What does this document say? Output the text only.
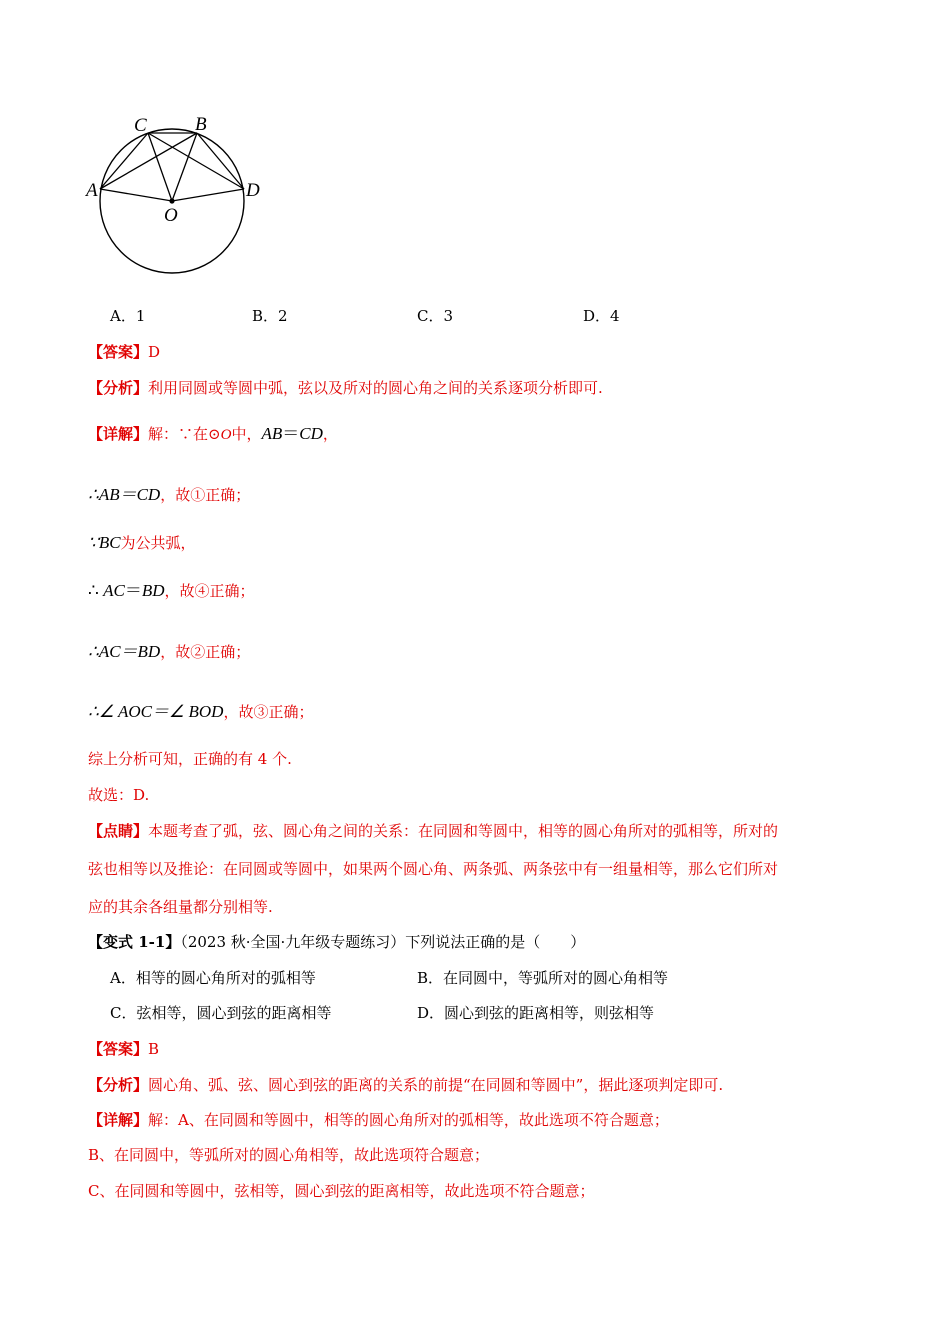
C	B
A	D
O
A．1	B．2	C．3	D．4
【答案】D
【分析】利用同圆或等圆中弧，弦以及所对的圆心角之间的关系逐项分析即可.
【详解】解：∵在⊙O中，AB＝CD，
∴AB＝CD，故①正确；
∵BC为公共弧，
∴ AC＝BD，故④正确；
∴AC＝BD，故②正确；
∴∠ AOC＝∠ BOD，故③正确；
综上分析可知，正确的有 4 个.
故选：D.
【点睛】本题考查了弧，弦、圆心角之间的关系：在同圆和等圆中，相等的圆心角所对的弧相等，所对的
弦也相等以及推论：在同圆或等圆中，如果两个圆心角、两条弧、两条弦中有一组量相等，那么它们所对
应的其余各组量都分别相等.
【变式 1-1】（2023 秋·全国·九年级专题练习）下列说法正确的是（　　）
A．相等的圆心角所对的弧相等	B．在同圆中，等弧所对的圆心角相等
C．弦相等，圆心到弦的距离相等	D．圆心到弦的距离相等，则弦相等
【答案】B
【分析】圆心角、弧、弦、圆心到弦的距离的关系的前提“在同圆和等圆中”，据此逐项判定即可.
【详解】解：A、在同圆和等圆中，相等的圆心角所对的弧相等，故此选项不符合题意；
B、在同圆中，等弧所对的圆心角相等，故此选项符合题意；
C、在同圆和等圆中，弦相等，圆心到弦的距离相等，故此选项不符合题意；
